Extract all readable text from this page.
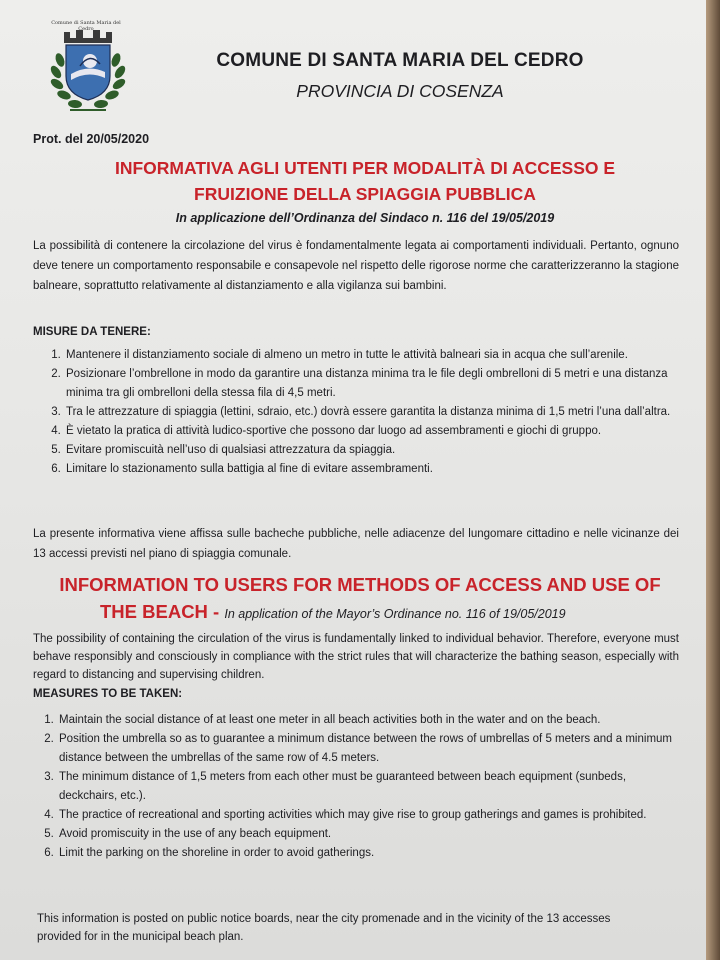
Comune di Santa Maria del Cedro
COMUNE DI SANTA MARIA DEL CEDRO
PROVINCIA DI COSENZA
Prot. del 20/05/2020
INFORMATIVA AGLI UTENTI PER MODALITÀ DI ACCESSO E
FRUIZIONE DELLA SPIAGGIA PUBBLICA
In applicazione dell’Ordinanza del Sindaco n. 116 del 19/05/2019

La possibilità di contenere la circolazione del virus è fondamentalmente legata ai comportamenti individuali. Pertanto, ognuno deve tenere un comportamento responsabile e consapevole nel rispetto delle rigorose norme che caratterizzeranno la stagione balneare, soprattutto relativamente al distanziamento e alla vigilanza sui bambini.

MISURE DA TENERE:
1. Mantenere il distanziamento sociale di almeno un metro in tutte le attività balneari sia in acqua che sull’arenile.
2. Posizionare l’ombrellone in modo da garantire una distanza minima tra le file degli ombrelloni di 5 metri e una distanza minima tra gli ombrelloni della stessa fila di 4,5 metri.
3. Tra le attrezzature di spiaggia (lettini, sdraio, etc.) dovrà essere garantita la distanza minima di 1,5 metri l’una dall’altra.
4. È vietato la pratica di attività ludico-sportive che possono dar luogo ad assembramenti e giochi di gruppo.
5. Evitare promiscuità nell’uso di qualsiasi attrezzatura da spiaggia.
6. Limitare lo stazionamento sulla battigia al fine di evitare assembramenti.

La presente informativa viene affissa sulle bacheche pubbliche, nelle adiacenze del lungomare cittadino e nelle vicinanze dei 13 accessi previsti nel piano di spiaggia comunale.

INFORMATION TO USERS FOR METHODS OF ACCESS AND USE OF
THE BEACH - In application of the Mayor’s Ordinance no. 116 of 19/05/2019

The possibility of containing the circulation of the virus is fundamentally linked to individual behavior. Therefore, everyone must behave responsibly and consciously in compliance with the strict rules that will characterize the bathing season, especially with regard to distancing and supervising children.

MEASURES TO BE TAKEN:
1. Maintain the social distance of at least one meter in all beach activities both in the water and on the beach.
2. Position the umbrella so as to guarantee a minimum distance between the rows of umbrellas of 5 meters and a minimum distance between the umbrellas of the same row of 4.5 meters.
3. The minimum distance of 1,5 meters from each other must be guaranteed between beach equipment (sunbeds, deckchairs, etc.).
4. The practice of recreational and sporting activities which may give rise to group gatherings and games is prohibited.
5. Avoid promiscuity in the use of any beach equipment.
6. Limit the parking on the shoreline in order to avoid gatherings.

This information is posted on public notice boards, near the city promenade and in the vicinity of the 13 accesses provided for in the municipal beach plan.
